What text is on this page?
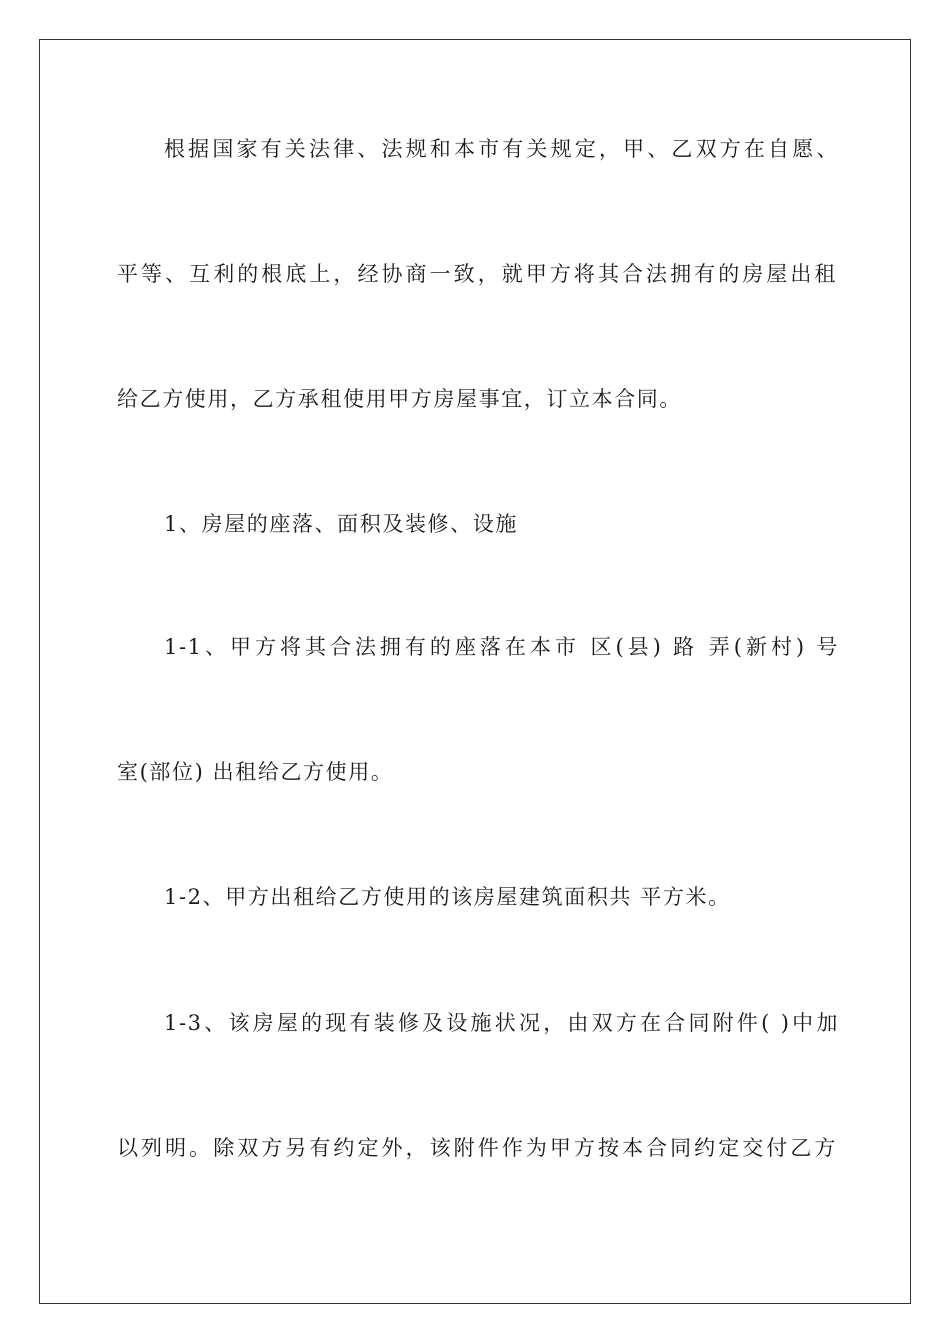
根据国家有关法律、法规和本市有关规定，甲、乙双方在自愿、
平等、互利的根底上，经协商一致，就甲方将其合法拥有的房屋出租
给乙方使用，乙方承租使用甲方房屋事宜，订立本合同。
1、房屋的座落、面积及装修、设施
1-1、甲方将其合法拥有的座落在本市 区(县) 路 弄(新村) 号
室(部位) 出租给乙方使用。
1-2、甲方出租给乙方使用的该房屋建筑面积共 平方米。
1-3、该房屋的现有装修及设施状况，由双方在合同附件( )中加
以列明。除双方另有约定外，该附件作为甲方按本合同约定交付乙方
